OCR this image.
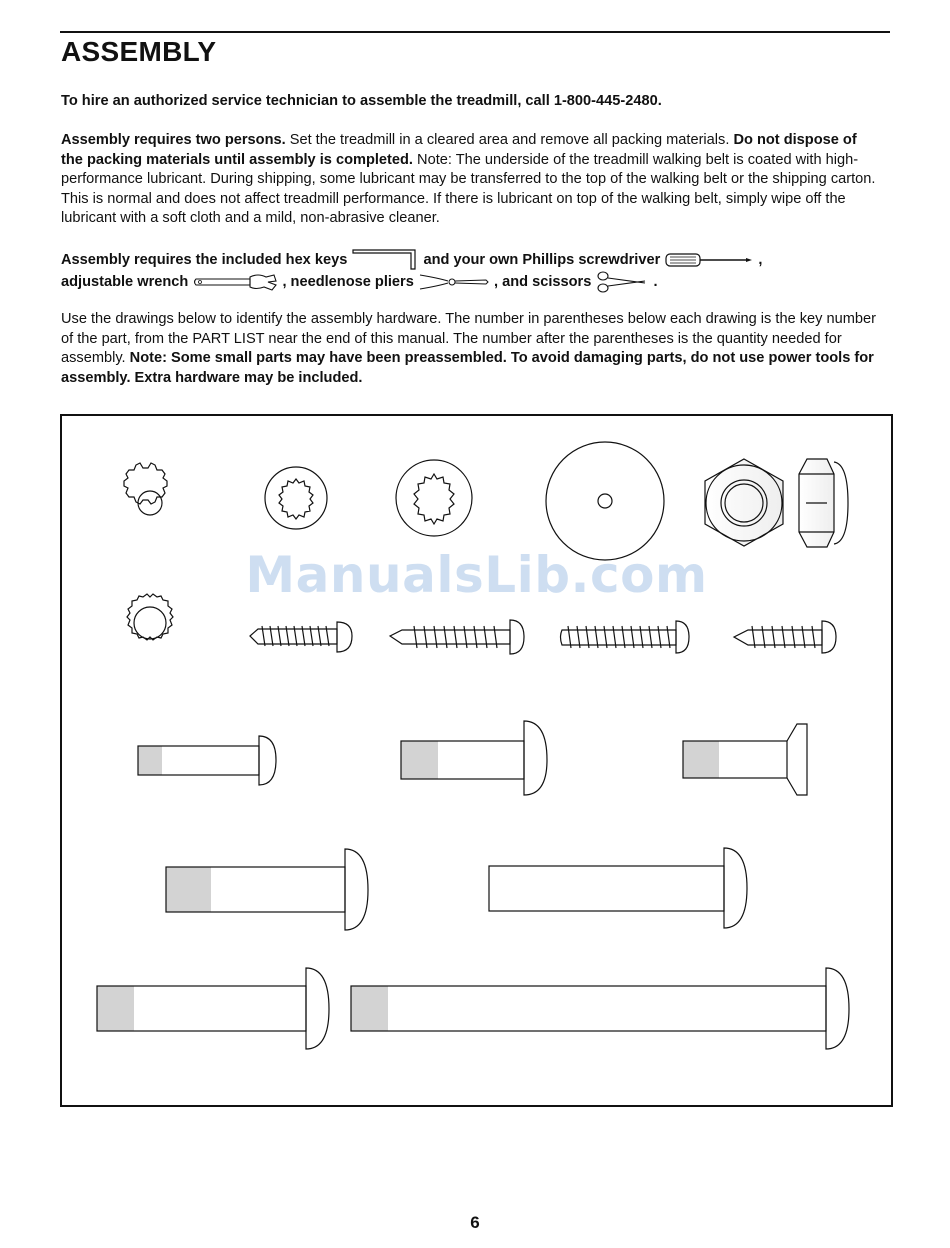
ASSEMBLY

To hire an authorized service technician to assemble the treadmill, call 1-800-445-2480.

Assembly requires two persons. Set the treadmill in a cleared area and remove all packing materials. Do not dispose of the packing materials until assembly is completed. Note: The underside of the treadmill walking belt is coated with high-performance lubricant. During shipping, some lubricant may be transferred to the top of the walking belt or the shipping carton. This is normal and does not affect treadmill performance. If there is lubricant on top of the walking belt, simply wipe off the lubricant with a soft cloth and a mild, non-abrasive cleaner.

Assembly requires the included hex keys	and your own Phillips screwdriver	,
adjustable wrench	, needlenose pliers	, and scissors	.

Use the drawings below to identify the assembly hardware. The number in parentheses below each drawing is the key number of the part, from the PART LIST near the end of this manual. The number after the parentheses is the quantity needed for assembly. Note: Some small parts may have been preassembled. To avoid damaging parts, do not use power tools for assembly. Extra hardware may be included.

ManualsLib.com
6
